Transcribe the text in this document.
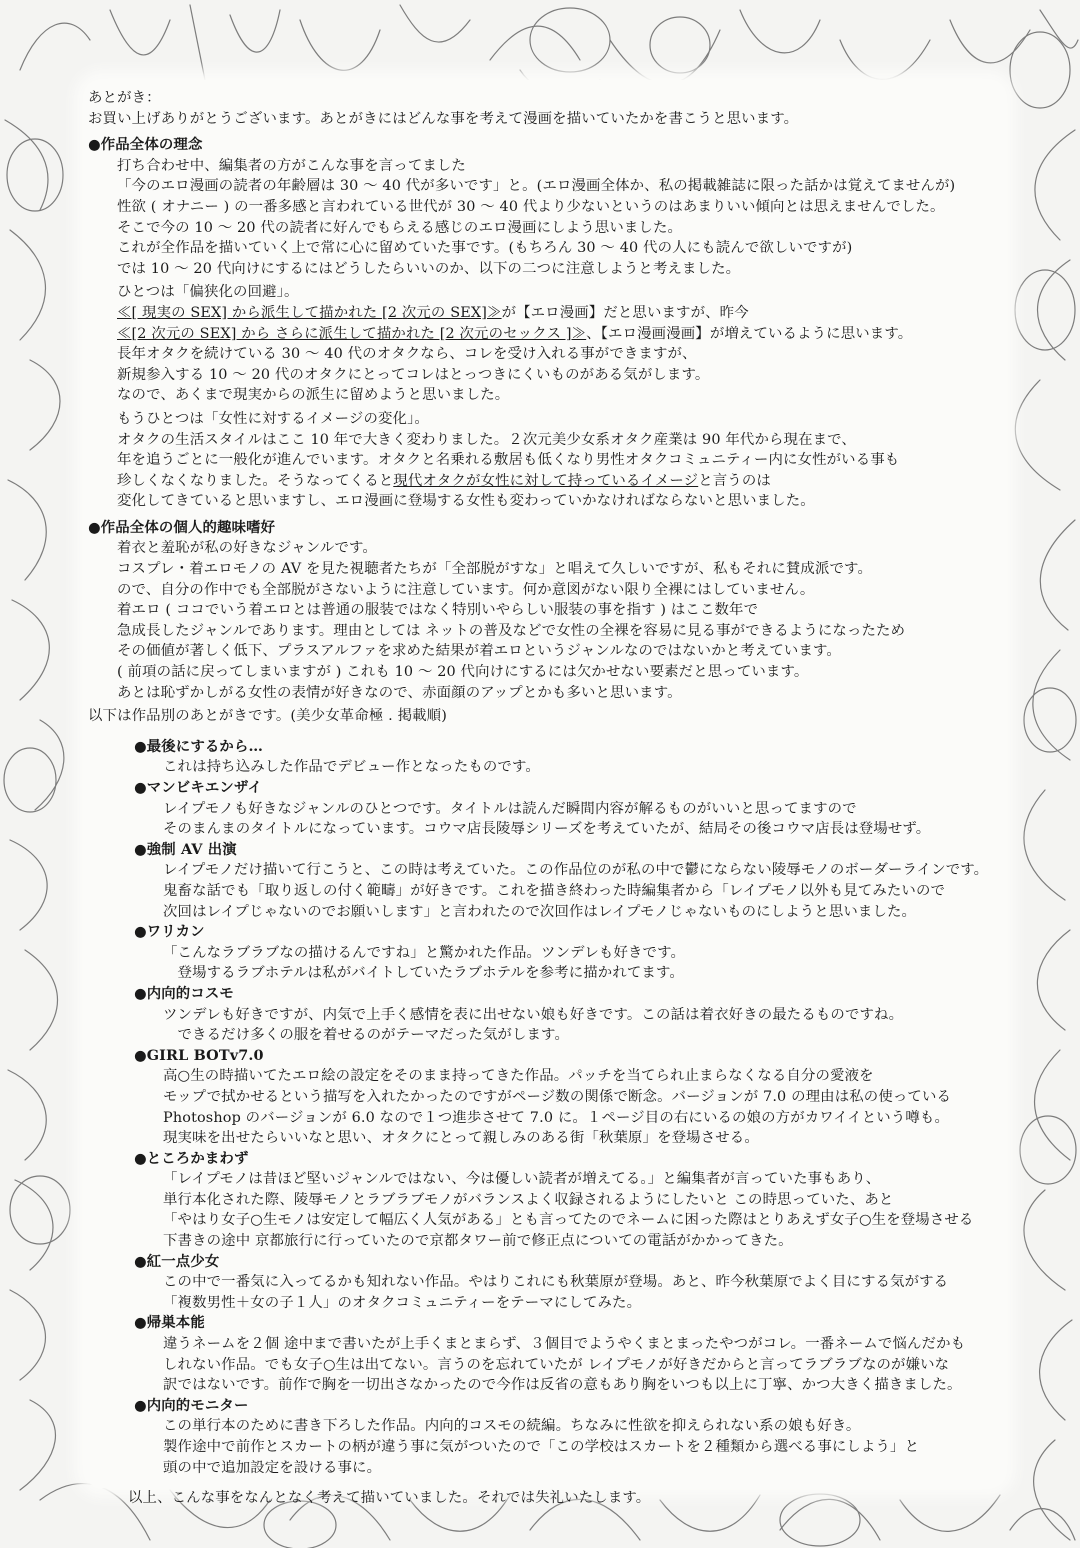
あとがき：
お買い上げありがとうございます。あとがきにはどんな事を考えて漫画を描いていたかを書こうと思います。
●作品全体の理念
打ち合わせ中、編集者の方がこんな事を言ってました
「今のエロ漫画の読者の年齢層は 30 ～ 40 代が多いです」と。(エロ漫画全体か、私の掲載雑誌に限った話かは覚えてませんが)
性欲 ( オナニー ) の一番多感と言われている世代が 30 ～ 40 代より少ないというのはあまりいい傾向とは思えませんでした。
そこで今の 10 ～ 20 代の読者に好んでもらえる感じのエロ漫画にしよう思いました。
これが全作品を描いていく上で常に心に留めていた事です。(もちろん 30 ～ 40 代の人にも読んで欲しいですが)
では 10 ～ 20 代向けにするにはどうしたらいいのか、以下の二つに注意しようと考えました。
ひとつは「偏狭化の回避」。
≪[ 現実の SEX] から派生して描かれた [2 次元の SEX]≫が【エロ漫画】だと思いますが、昨今
≪[2 次元の SEX] から さらに派生して描かれた [2 次元のセックス ]≫、【エロ漫画漫画】が増えているように思います。
長年オタクを続けている 30 ～ 40 代のオタクなら、コレを受け入れる事ができますが、
新規参入する 10 ～ 20 代のオタクにとってコレはとっつきにくいものがある気がします。
なので、あくまで現実からの派生に留めようと思いました。
もうひとつは「女性に対するイメージの変化」。
オタクの生活スタイルはここ 10 年で大きく変わりました。２次元美少女系オタク産業は 90 年代から現在まで、
年を追うごとに一般化が進んでいます。オタクと名乗れる敷居も低くなり男性オタクコミュニティー内に女性がいる事も
珍しくなくなりました。そうなってくると現代オタクが女性に対して持っているイメージと言うのは
変化してきていると思いますし、エロ漫画に登場する女性も変わっていかなければならないと思いました。
●作品全体の個人的趣味嗜好
着衣と羞恥が私の好きなジャンルです。
コスプレ・着エロモノの AV を見た視聴者たちが「全部脱がすな」と唱えて久しいですが、私もそれに賛成派です。
ので、自分の作中でも全部脱がさないように注意しています。何か意図がない限り全裸にはしていません。
着エロ ( ココでいう着エロとは普通の服装ではなく特別いやらしい服装の事を指す ) はここ数年で
急成長したジャンルであります。理由としては ネットの普及などで女性の全裸を容易に見る事ができるようになったため
その価値が著しく低下、プラスアルファを求めた結果が着エロというジャンルなのではないかと考えています。
( 前項の話に戻ってしまいますが ) これも 10 ～ 20 代向けにするには欠かせない要素だと思っています。
あとは恥ずかしがる女性の表情が好きなので、赤面顔のアップとかも多いと思います。
以下は作品別のあとがきです。(美少女革命極 . 掲載順)
●最後にするから…
これは持ち込みした作品でデビュー作となったものです。
●マンビキエンザイ
レイプモノも好きなジャンルのひとつです。タイトルは読んだ瞬間内容が解るものがいいと思ってますので
そのまんまのタイトルになっています。コウマ店長陵辱シリーズを考えていたが、結局その後コウマ店長は登場せず。
●強制 AV 出演
レイプモノだけ描いて行こうと、この時は考えていた。この作品位のが私の中で鬱にならない陵辱モノのボーダーラインです。
鬼畜な話でも「取り返しの付く範疇」が好きです。これを描き終わった時編集者から「レイプモノ以外も見てみたいので
次回はレイプじゃないのでお願いします」と言われたので次回作はレイプモノじゃないものにしようと思いました。
●ワリカン
「こんなラブラブなの描けるんですね」と驚かれた作品。ツンデレも好きです。
　登場するラブホテルは私がバイトしていたラブホテルを参考に描かれてます。
●内向的コスモ
ツンデレも好きですが、内気で上手く感情を表に出せない娘も好きです。この話は着衣好きの最たるものですね。
　できるだけ多くの服を着せるのがテーマだった気がします。
●GIRL BOTv7.0
高○生の時描いてたエロ絵の設定をそのまま持ってきた作品。パッチを当てられ止まらなくなる自分の愛液を
モップで拭かせるという描写を入れたかったのですがページ数の関係で断念。バージョンが 7.0 の理由は私の使っている
Photoshop のバージョンが 6.0 なので１つ進歩させて 7.0 に。１ページ目の右にいるの娘の方がカワイイという噂も。
現実味を出せたらいいなと思い、オタクにとって親しみのある街「秋葉原」を登場させる。
●ところかまわず
「レイプモノは昔ほど堅いジャンルではない、今は優しい読者が増えてる。」と編集者が言っていた事もあり、
単行本化された際、陵辱モノとラブラブモノがバランスよく収録されるようにしたいと この時思っていた、あと
「やはり女子○生モノは安定して幅広く人気がある」とも言ってたのでネームに困った際はとりあえず女子○生を登場させる
下書きの途中 京都旅行に行っていたので京都タワー前で修正点についての電話がかかってきた。
●紅一点少女
この中で一番気に入ってるかも知れない作品。やはりこれにも秋葉原が登場。あと、昨今秋葉原でよく目にする気がする
「複数男性＋女の子１人」のオタクコミュニティーをテーマにしてみた。
●帰巣本能
違うネームを２個 途中まで書いたが上手くまとまらず、３個目でようやくまとまったやつがコレ。一番ネームで悩んだかも
しれない作品。でも女子○生は出てない。言うのを忘れていたが レイプモノが好きだからと言ってラブラブなのが嫌いな
訳ではないです。前作で胸を一切出さなかったので今作は反省の意もあり胸をいつも以上に丁寧、かつ大きく描きました。
●内向的モニター
この単行本のために書き下ろした作品。内向的コスモの続編。ちなみに性欲を抑えられない系の娘も好き。
製作途中で前作とスカートの柄が違う事に気がついたので「この学校はスカートを２種類から選べる事にしよう」と
頭の中で追加設定を設ける事に。
以上、こんな事をなんとなく考えて描いていました。それでは失礼いたします。
